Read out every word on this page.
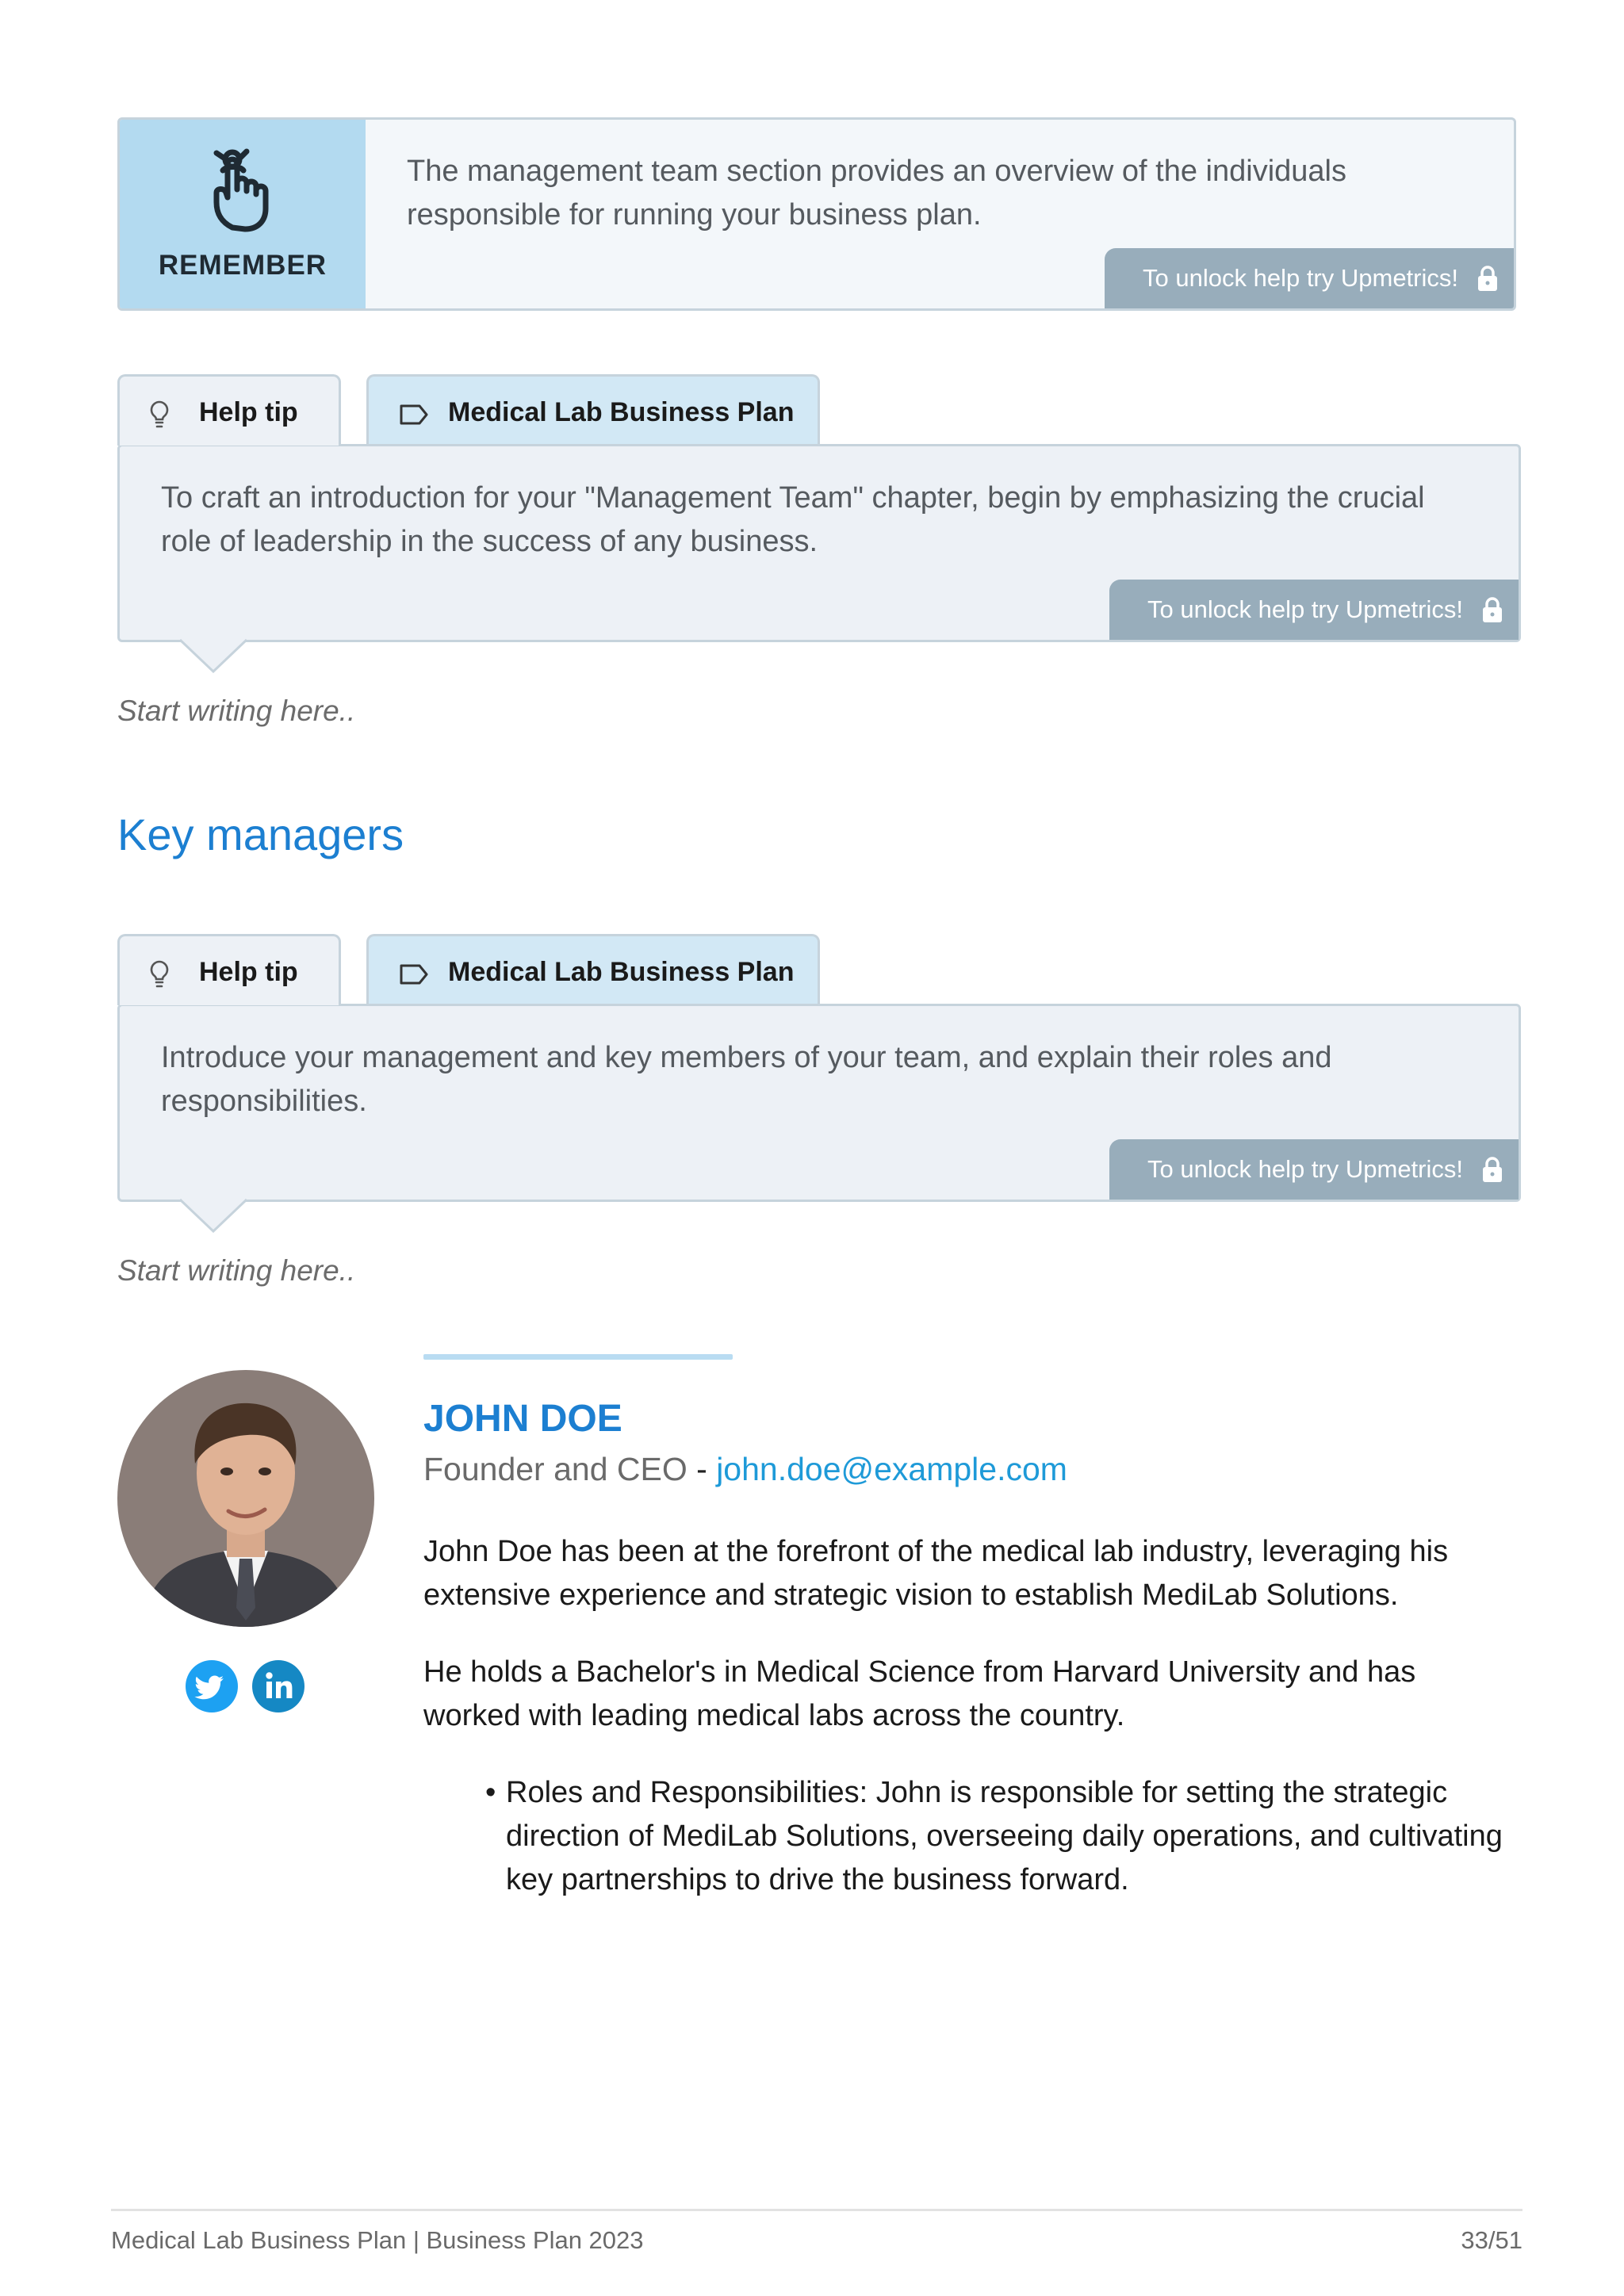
REMEMBER
The management team section provides an overview of the individuals responsible for running your business plan.
To unlock help try Upmetrics!
Help tip	Medical Lab Business Plan
To craft an introduction for your "Management Team" chapter, begin by emphasizing the crucial role of leadership in the success of any business.
To unlock help try Upmetrics!
Start writing here..
Key managers
Help tip	Medical Lab Business Plan
Introduce your management and key members of your team, and explain their roles and responsibilities.
To unlock help try Upmetrics!
Start writing here..
JOHN DOE
Founder and CEO - john.doe@example.com
John Doe has been at the forefront of the medical lab industry, leveraging his extensive experience and strategic vision to establish MediLab Solutions.
He holds a Bachelor's in Medical Science from Harvard University and has worked with leading medical labs across the country.
• Roles and Responsibilities: John is responsible for setting the strategic direction of MediLab Solutions, overseeing daily operations, and cultivating key partnerships to drive the business forward.
Medical Lab Business Plan | Business Plan 2023	33/51
